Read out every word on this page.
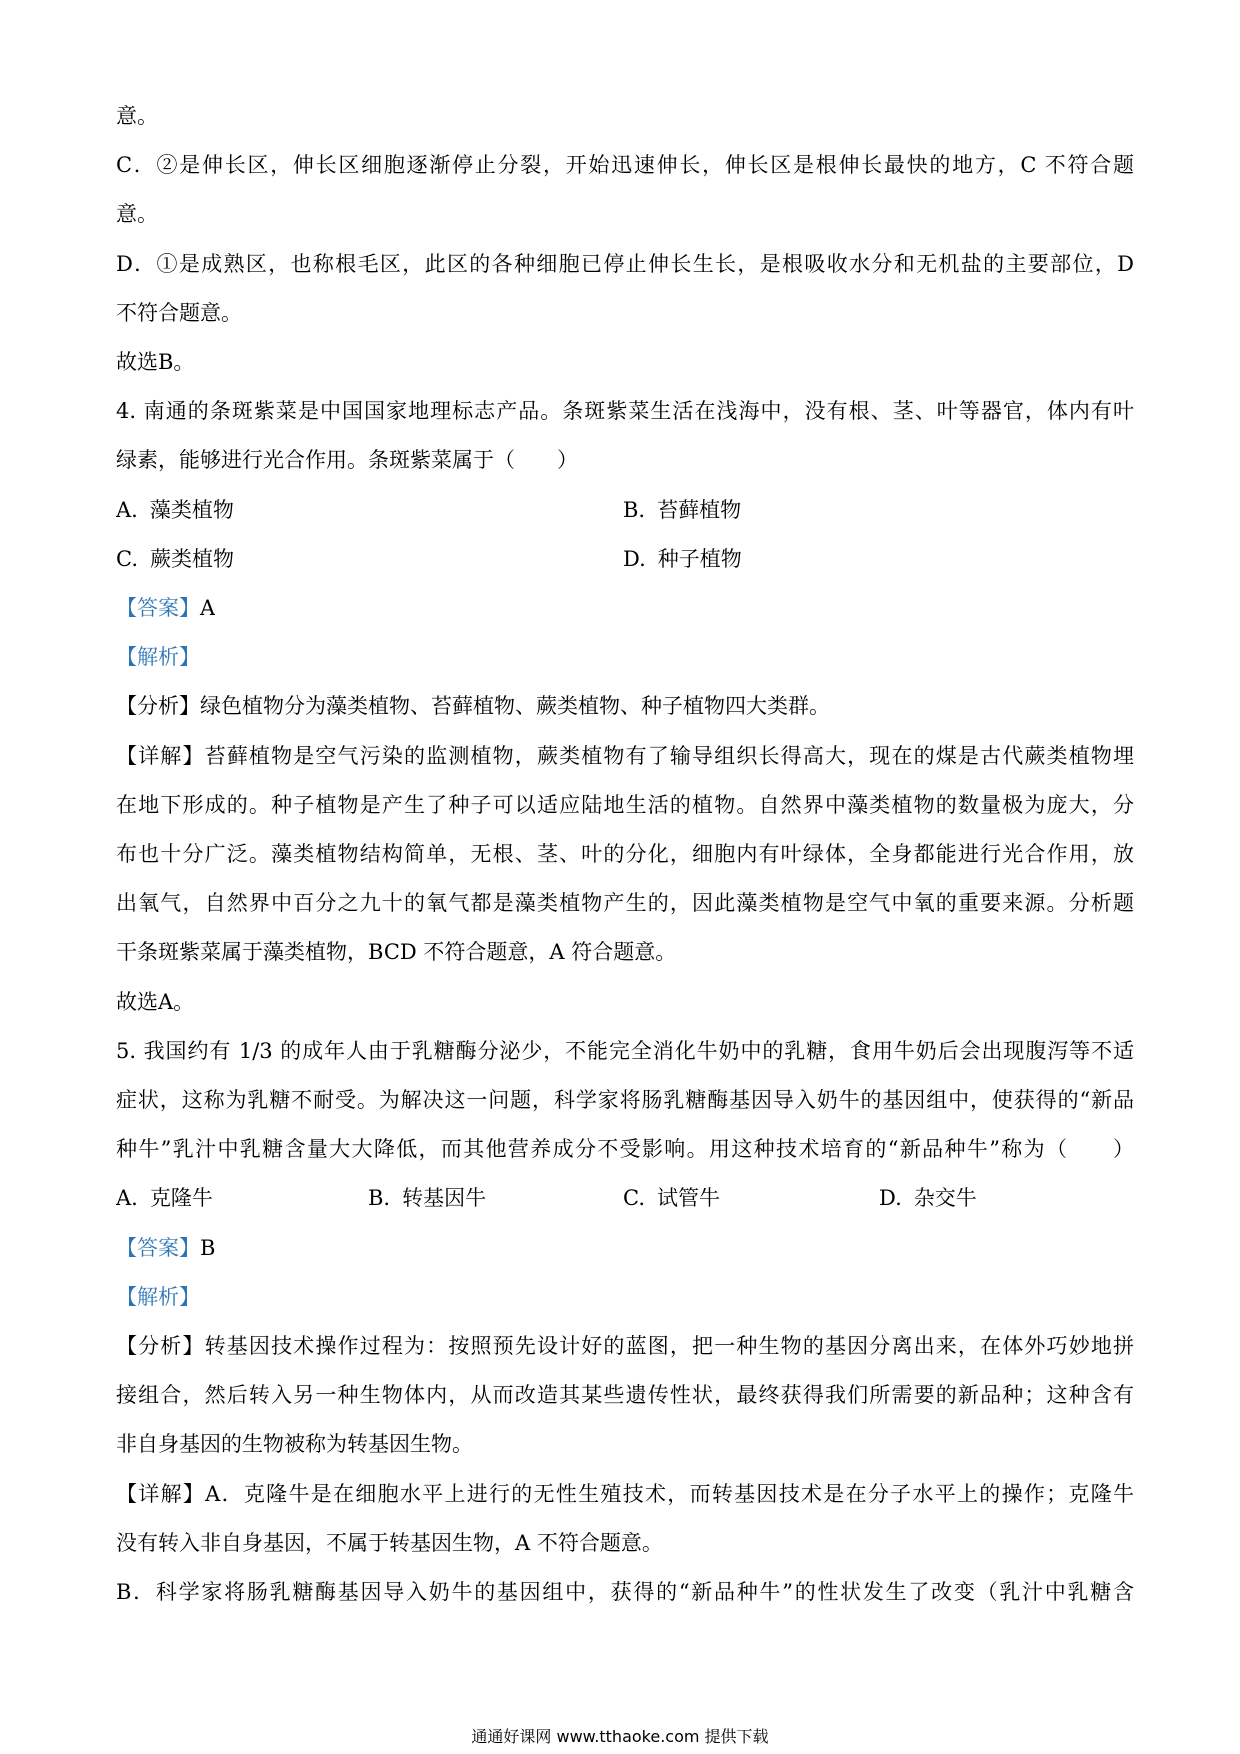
意。
C．②是伸长区，伸长区细胞逐渐停止分裂，开始迅速伸长，伸长区是根伸长最快的地方，C 不符合题
意。
D．①是成熟区，也称根毛区，此区的各种细胞已停止伸长生长，是根吸收水分和无机盐的主要部位，D
不符合题意。
故选B。
4. 南通的条斑紫菜是中国国家地理标志产品。条斑紫菜生活在浅海中，没有根、茎、叶等器官，体内有叶
绿素，能够进行光合作用。条斑紫菜属于（　　）
A. 藻类植物	B. 苔藓植物
C. 蕨类植物	D. 种子植物
【答案】A
【解析】
【分析】绿色植物分为藻类植物、苔藓植物、蕨类植物、种子植物四大类群。
【详解】苔藓植物是空气污染的监测植物，蕨类植物有了输导组织长得高大，现在的煤是古代蕨类植物埋
在地下形成的。种子植物是产生了种子可以适应陆地生活的植物。自然界中藻类植物的数量极为庞大，分
布也十分广泛。藻类植物结构简单，无根、茎、叶的分化，细胞内有叶绿体，全身都能进行光合作用，放
出氧气，自然界中百分之九十的氧气都是藻类植物产生的，因此藻类植物是空气中氧的重要来源。分析题
干条斑紫菜属于藻类植物，BCD 不符合题意，A 符合题意。
故选A。
5. 我国约有 1/3 的成年人由于乳糖酶分泌少，不能完全消化牛奶中的乳糖，食用牛奶后会出现腹泻等不适
症状，这称为乳糖不耐受。为解决这一问题，科学家将肠乳糖酶基因导入奶牛的基因组中，使获得的“新品
种牛”乳汁中乳糖含量大大降低，而其他营养成分不受影响。用这种技术培育的“新品种牛”称为（　　）
A. 克隆牛	B. 转基因牛	C. 试管牛	D. 杂交牛
【答案】B
【解析】
【分析】转基因技术操作过程为：按照预先设计好的蓝图，把一种生物的基因分离出来，在体外巧妙地拼
接组合，然后转入另一种生物体内，从而改造其某些遗传性状，最终获得我们所需要的新品种；这种含有
非自身基因的生物被称为转基因生物。
【详解】A．克隆牛是在细胞水平上进行的无性生殖技术，而转基因技术是在分子水平上的操作；克隆牛
没有转入非自身基因，不属于转基因生物，A 不符合题意。
B．科学家将肠乳糖酶基因导入奶牛的基因组中，获得的“新品种牛”的性状发生了改变（乳汁中乳糖含
通通好课网 www.tthaoke.com 提供下载
